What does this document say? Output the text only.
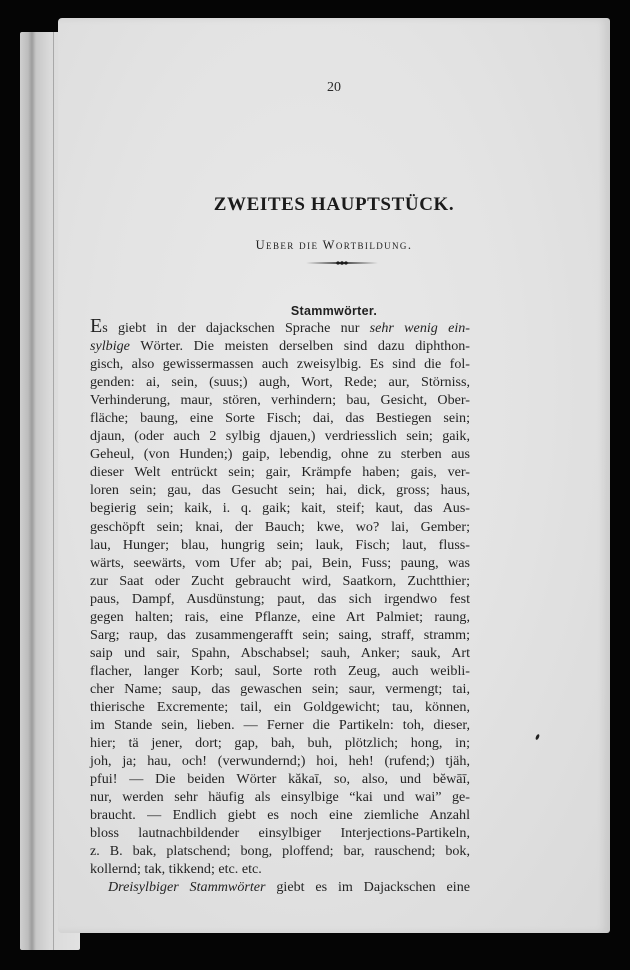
20
ZWEITES HAUPTSTÜCK.
Ueber die Wortbildung.
Stammwörter.
Es giebt in der dajackschen Sprache nur sehr wenig ein-
sylbige Wörter. Die meisten derselben sind dazu diphthon-
gisch, also gewissermassen auch zweisylbig. Es sind die fol-
genden: ai, sein, (suus;) augh, Wort, Rede; aur, Störniss,
Verhinderung, maur, stören, verhindern; bau, Gesicht, Ober-
fläche; baung, eine Sorte Fisch; dai, das Bestiegen sein;
djaun, (oder auch 2 sylbig djauen,) verdriesslich sein; gaik,
Geheul, (von Hunden;) gaip, lebendig, ohne zu sterben aus
dieser Welt entrückt sein; gair, Krämpfe haben; gais, ver-
loren sein; gau, das Gesucht sein; hai, dick, gross; haus,
begierig sein; kaik, i. q. gaik; kait, steif; kaut, das Aus-
geschöpft sein; knai, der Bauch; kwe, wo? lai, Gember;
lau, Hunger; blau, hungrig sein; lauk, Fisch; laut, fluss-
wärts, seewärts, vom Ufer ab; pai, Bein, Fuss; paung, was
zur Saat oder Zucht gebraucht wird, Saatkorn, Zuchtthier;
paus, Dampf, Ausdünstung; paut, das sich irgendwo fest
gegen halten; rais, eine Pflanze, eine Art Palmiet; raung,
Sarg; raup, das zusammengerafft sein; saing, straff, stramm;
saip und sair, Spahn, Abschabsel; sauh, Anker; sauk, Art
flacher, langer Korb; saul, Sorte roth Zeug, auch weibli-
cher Name; saup, das gewaschen sein; saur, vermengt; tai,
thierische Excremente; tail, ein Goldgewicht; tau, können,
im Stande sein, lieben. — Ferner die Partikeln: toh, dieser,
hier; tä jener, dort; gap, bah, buh, plötzlich; hong, in;
joh, ja; hau, och! (verwundernd;) hoi, heh! (rufend;) tjäh,
pfui! — Die beiden Wörter kăkaī, so, also, und bĕwāī,
nur, werden sehr häufig als einsylbige “kai und wai” ge-
braucht. — Endlich giebt es noch eine ziemliche Anzahl
bloss lautnachbildender einsylbiger Interjections-Partikeln,
z. B. bak, platschend; bong, ploffend; bar, rauschend; bok,
kollernd; tak, tikkend; etc. etc.
Dreisylbiger Stammwörter giebt es im Dajackschen eine
